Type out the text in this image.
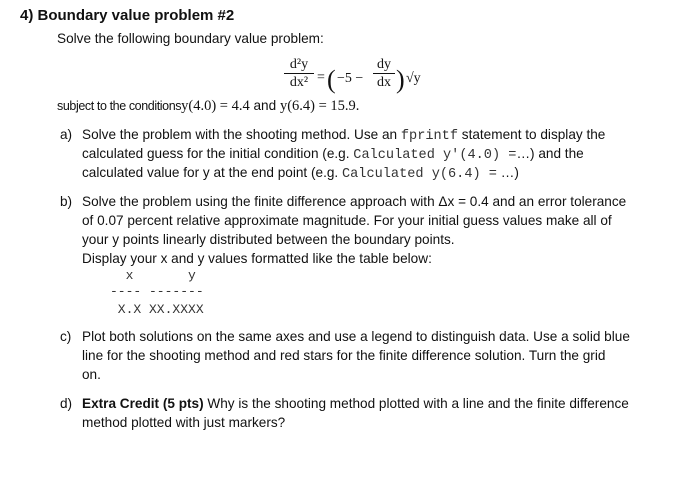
4) Boundary value problem #2
Solve the following boundary value problem:
d²y
dx² = ( −5 −
dy
dx ) √y
subject to the conditionsy(4.0) = 4.4 and y(6.4) = 15.9.
a) Solve the problem with the shooting method. Use an fprintf statement to display the
calculated guess for the initial condition (e.g. Calculated y'(4.0) =…) and the
calculated value for y at the end point (e.g. Calculated y(6.4) = …)
b) Solve the problem using the finite difference approach with Δx = 0.4 and an error tolerance
of 0.07 percent relative approximate magnitude. For your initial guess values make all of
your y points linearly distributed between the boundary points.
Display your x and y values formatted like the table below:
x       y
---- -------
X.X XX.XXXX
c) Plot both solutions on the same axes and use a legend to distinguish data. Use a solid blue
line for the shooting method and red stars for the finite difference solution. Turn the grid
on.
d) Extra Credit (5 pts) Why is the shooting method plotted with a line and the finite difference
method plotted with just markers?
